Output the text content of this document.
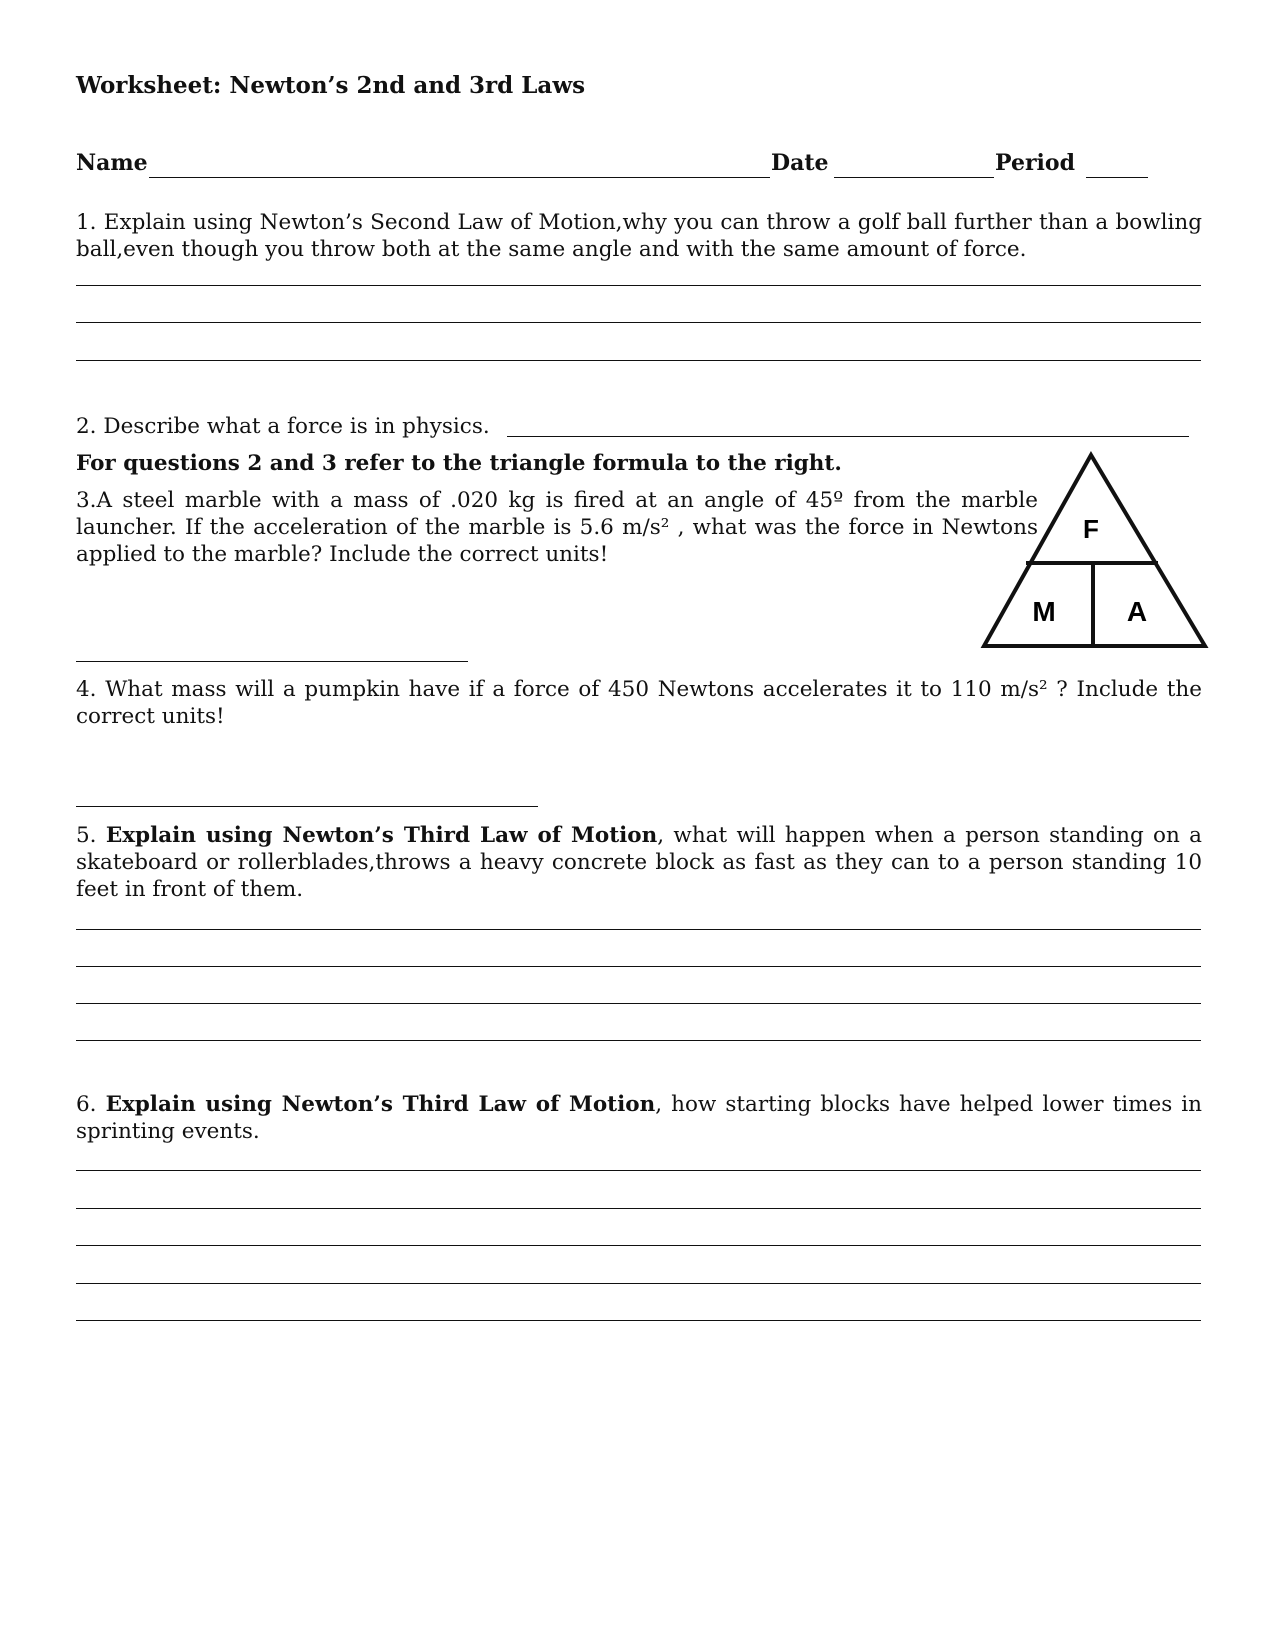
Worksheet: Newton’s 2nd and 3rd Laws
Name	Date	Period
1. Explain using Newton’s Second Law of Motion,why you can throw a golf ball further than a bowling ball,even though you throw both at the same angle and with the same amount of force.
2. Describe what a force is in physics.
For questions 2 and 3 refer to the triangle formula to the right.
3.A steel marble with a mass of .020 kg is fired at an angle of 45º from the marble launcher. If the acceleration of the marble is 5.6 m/s² , what was the force in Newtons applied to the marble? Include the correct units!
F
M	A
4. What mass will a pumpkin have if a force of 450 Newtons accelerates it to 110 m/s² ? Include the correct units!
5. Explain using Newton’s Third Law of Motion, what will happen when a person standing on a skateboard or rollerblades,throws a heavy concrete block as fast as they can to a person standing 10 feet in front of them.
6. Explain using Newton’s Third Law of Motion, how starting blocks have helped lower times in sprinting events.
